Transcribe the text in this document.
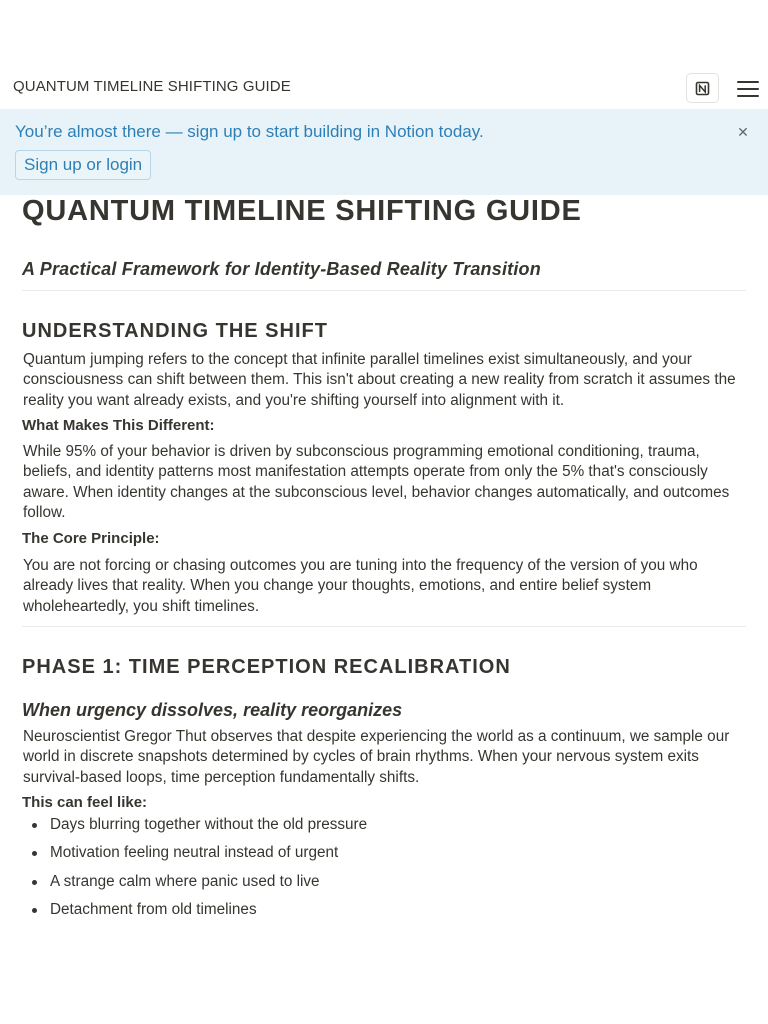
QUANTUM TIMELINE SHIFTING GUIDE
You’re almost there — sign up to start building in Notion today.	✕
Sign up or login
QUANTUM TIMELINE SHIFTING GUIDE
A Practical Framework for Identity-Based Reality Transition
UNDERSTANDING THE SHIFT

Quantum jumping refers to the concept that infinite parallel timelines exist simultaneously, and your consciousness can shift between them. This isn't about creating a new reality from scratch it assumes the reality you want already exists, and you're shifting yourself into alignment with it.

What Makes This Different:

While 95% of your behavior is driven by subconscious programming emotional conditioning, trauma, beliefs, and identity patterns most manifestation attempts operate from only the 5% that's consciously aware. When identity changes at the subconscious level, behavior changes automatically, and outcomes follow.

The Core Principle:

You are not forcing or chasing outcomes you are tuning into the frequency of the version of you who already lives that reality. When you change your thoughts, emotions, and entire belief system wholeheartedly, you shift timelines.

PHASE 1: TIME PERCEPTION RECALIBRATION
When urgency dissolves, reality reorganizes

Neuroscientist Gregor Thut observes that despite experiencing the world as a continuum, we sample our world in discrete snapshots determined by cycles of brain rhythms. When your nervous system exits survival-based loops, time perception fundamentally shifts.

This can feel like:
Days blurring together without the old pressure
Motivation feeling neutral instead of urgent
A strange calm where panic used to live
Detachment from old timelines
